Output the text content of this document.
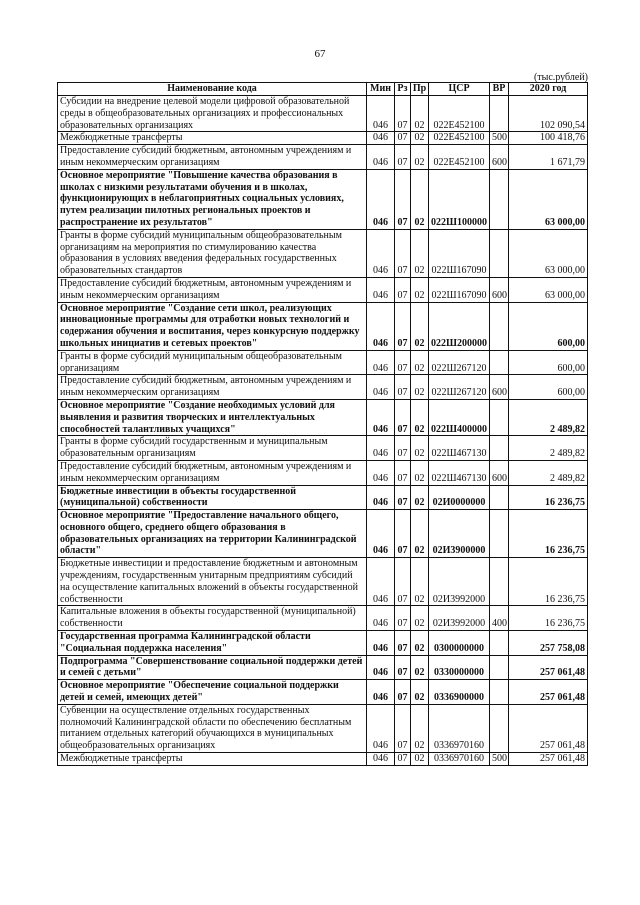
67
(тыс.рублей)
Наименование кода	Мин	Рз	Пр	ЦСР	ВР	2020 год
Субсидии на внедрение целевой модели цифровой образовательной среды в общеобразовательных организациях и профессиональных образовательных организациях	046	07	02	022Е452100		102 090,54
Межбюджетные трансферты	046	07	02	022Е452100	500	100 418,76
Предоставление субсидий бюджетным, автономным учреждениям и иным некоммерческим организациям	046	07	02	022Е452100	600	1 671,79
Основное мероприятие "Повышение качества образования в школах с низкими результатами обучения и в школах, функционирующих в неблагоприятных социальных условиях, путем реализации пилотных региональных проектов и распространение их результатов"	046	07	02	022Ш100000		63 000,00
Гранты в форме субсидий муниципальным общеобразовательным организациям на мероприятия по стимулированию качества образования в условиях введения федеральных государственных образовательных стандартов	046	07	02	022Ш167090		63 000,00
Предоставление субсидий бюджетным, автономным учреждениям и иным некоммерческим организациям	046	07	02	022Ш167090	600	63 000,00
Основное мероприятие "Создание сети школ, реализующих инновационные программы для отработки новых технологий и содержания обучения и воспитания, через конкурсную поддержку школьных инициатив и сетевых проектов"	046	07	02	022Ш200000		600,00
Гранты в форме субсидий муниципальным общеобразовательным организациям	046	07	02	022Ш267120		600,00
Предоставление субсидий бюджетным, автономным учреждениям и иным некоммерческим организациям	046	07	02	022Ш267120	600	600,00
Основное мероприятие "Создание необходимых условий для выявления и развития творческих и интеллектуальных способностей талантливых учащихся"	046	07	02	022Ш400000		2 489,82
Гранты в форме субсидий государственным и муниципальным образовательным организациям	046	07	02	022Ш467130		2 489,82
Предоставление субсидий бюджетным, автономным учреждениям и иным некоммерческим организациям	046	07	02	022Ш467130	600	2 489,82
Бюджетные инвестиции в объекты государственной (муниципальной) собственности	046	07	02	02И0000000		16 236,75
Основное мероприятие "Предоставление начального общего, основного общего, среднего общего образования в образовательных организациях на территории Калининградской области"	046	07	02	02И3900000		16 236,75
Бюджетные инвестиции и предоставление бюджетным и автономным учреждениям, государственным унитарным предприятиям субсидий на осуществление капитальных вложений в объекты государственной собственности	046	07	02	02И3992000		16 236,75
Капитальные вложения в объекты государственной (муниципальной) собственности	046	07	02	02И3992000	400	16 236,75
Государственная программа Калининградской области "Социальная поддержка населения"	046	07	02	0300000000		257 758,08
Подпрограмма "Совершенствование социальной поддержки детей и семей с детьми"	046	07	02	0330000000		257 061,48
Основное мероприятие "Обеспечение социальной поддержки детей и семей, имеющих детей"	046	07	02	0336900000		257 061,48
Субвенции на осуществление отдельных государственных полномочий Калининградской области по обеспечению бесплатным питанием отдельных категорий обучающихся в муниципальных общеобразовательных организациях	046	07	02	0336970160		257 061,48
Межбюджетные трансферты	046	07	02	0336970160	500	257 061,48
